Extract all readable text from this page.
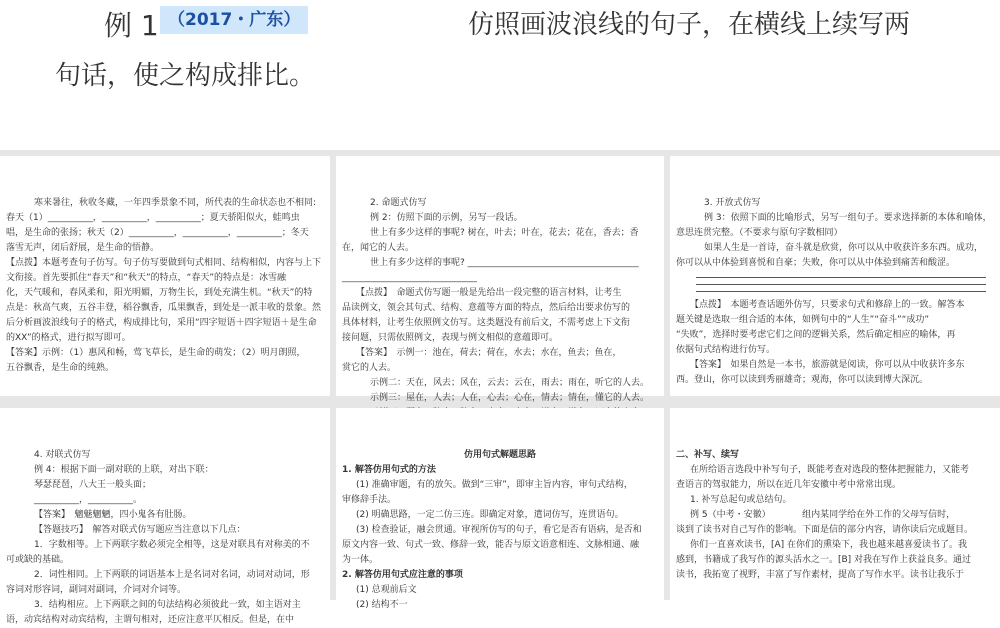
例 1 （2017・广东）	仿照画波浪线的句子，在横线上续写两
句话，使之构成排比。
寒来暑往，秋收冬藏，一年四季景象不同，所代表的生命状态也不相同:
春天（1）__________，__________，__________；夏天骄阳似火，蛙鸣虫
唱，是生命的张扬；秋天（2）__________，__________，__________；冬天
落雪无声，闭后舒展，是生命的悟静。
【点拨】本题考查句子仿写。句子仿写要做到句式相同、结构相似，内容与上下
文衔接。首先要抓住“春天”和“秋天”的特点，“春天”的特点是：冰雪融
化，天气暖和，春风柔和，阳光明媚，万物生长，到处充满生机。“秋天”的特
点是：秋高气爽，五谷丰登，稻谷飘香，瓜果飘香，到处是一派丰收的景象。然
后分析画波浪线句子的格式，构成排比句，采用“四字短语＋四字短语＋是生命
的XX”的格式，进行拟写即可。
【答案】示例：（1）惠风和畅，莺飞草长，是生命的萌发；（2）明月朗照，
五谷飘香，是生命的纯熟。
2. 命题式仿写
例 2：仿照下面的示例，另写一段话。
世上有多少这样的事呢? 树在，叶去；叶在，花去；花在，香去；香
在，闻它的人去。
世上有多少这样的事呢? ______________________________________
______________________________
【点拨】　命题式仿写题一般是先给出一段完整的语言材料，让考生
品读例文，领会其句式、结构、意蕴等方面的特点，然后给出要求仿写的
具体材料，让考生依照例文仿写。这类题没有前后文，不需考虑上下文衔
接问题，只需依照例文，表现与例文相似的意蕴即可。
【答案】　示例一：池在，荷去；荷在，水去；水在，鱼去；鱼在，
赏它的人去。
示例二：天在，风去；风在，云去；云在，雨去；雨在，听它的人去。
示例三：屋在，人去；人在，心去；心在，情去；情在，懂它的人去。
3. 开放式仿写
例 3：依照下面的比喻形式，另写一组句子。要求选择新的本体和喻体，
意思连贯完整。（不要求与原句字数相同）
如果人生是一首诗，奋斗就是欣赏，你可以从中收获许多东西。成功，
你可以从中体验到喜悦和自豪；失败，你可以从中体验到痛苦和酸涩。
【点拨】　本题考查话题外仿写，只要求句式和修辞上的一致。解答本
题关键是选取一组合适的本体，如例句中的“人生”“奋斗”“成功”
“失败”，选择时要考虑它们之间的逻辑关系，然后确定相应的喻体，再
依据句式结构进行仿写。
【答案】　如果自然是一本书，旅游就是阅读，你可以从中收获许多东
西。登山，你可以读到秀丽雄奇；观海，你可以读到博大深沉。
4. 对联式仿写
例 4：根据下面一副对联的上联，对出下联：
琴瑟琵琶，八大王一般头面；
__________，__________。
【答案】　魑魅魍魉，四小鬼各有肚肠。
【答题技巧】　解答对联式仿写题应当注意以下几点：
1．字数相等。上下两联字数必须完全相等，这是对联具有对称美的不
可或缺的基础。
2．词性相同。上下两联的词语基本上是名词对名词，动词对动词，形
容词对形容词，副词对副词，介词对介词等。
3．结构相应。上下两联之间的句法结构必须彼此一致，如主语对主
语，动宾结构对动宾结构，主谓句相对，还应注意平仄相反。但是，在中
仿用句式解题思路
1. 解答仿用句式的方法
(1) 准确审题，有的放矢。做到“三审”，即审主旨内容，审句式结构，
审修辞手法。
(2) 明确思路，一定二仿三连。即确定对象，遣词仿写，连贯语句。
(3) 检查验证，融会贯通。审视所仿写的句子，看它是否有语病，是否和
原文内容一致、句式一致、修辞一致，能否与原文语意相连、文脉相通、融
为一体。
2. 解答仿用句式应注意的事项
(1) 总观前后文
(2) 结构不一
二、补写、续写
在所给语言选段中补写句子，既能考查对选段的整体把握能力，又能考
查语言的驾驭能力，所以在近几年安徽中考中常常出现。
1. 补写总起句或总结句。
例 5（中考・安徽）　　　　组内某同学给在外工作的父母写信时，
谈到了读书对自己写作的影响。下面是信的部分内容，请你读后完成题目。
你们一直喜欢读书，[A] 在你们的熏染下，我也越来越喜爱读书了。我
感到，书籍成了我写作的源头活水之一。[B] 对我在写作上获益良多。通过
读书，我拓宽了视野，丰富了写作素材，提高了写作水平。读书让我乐于
